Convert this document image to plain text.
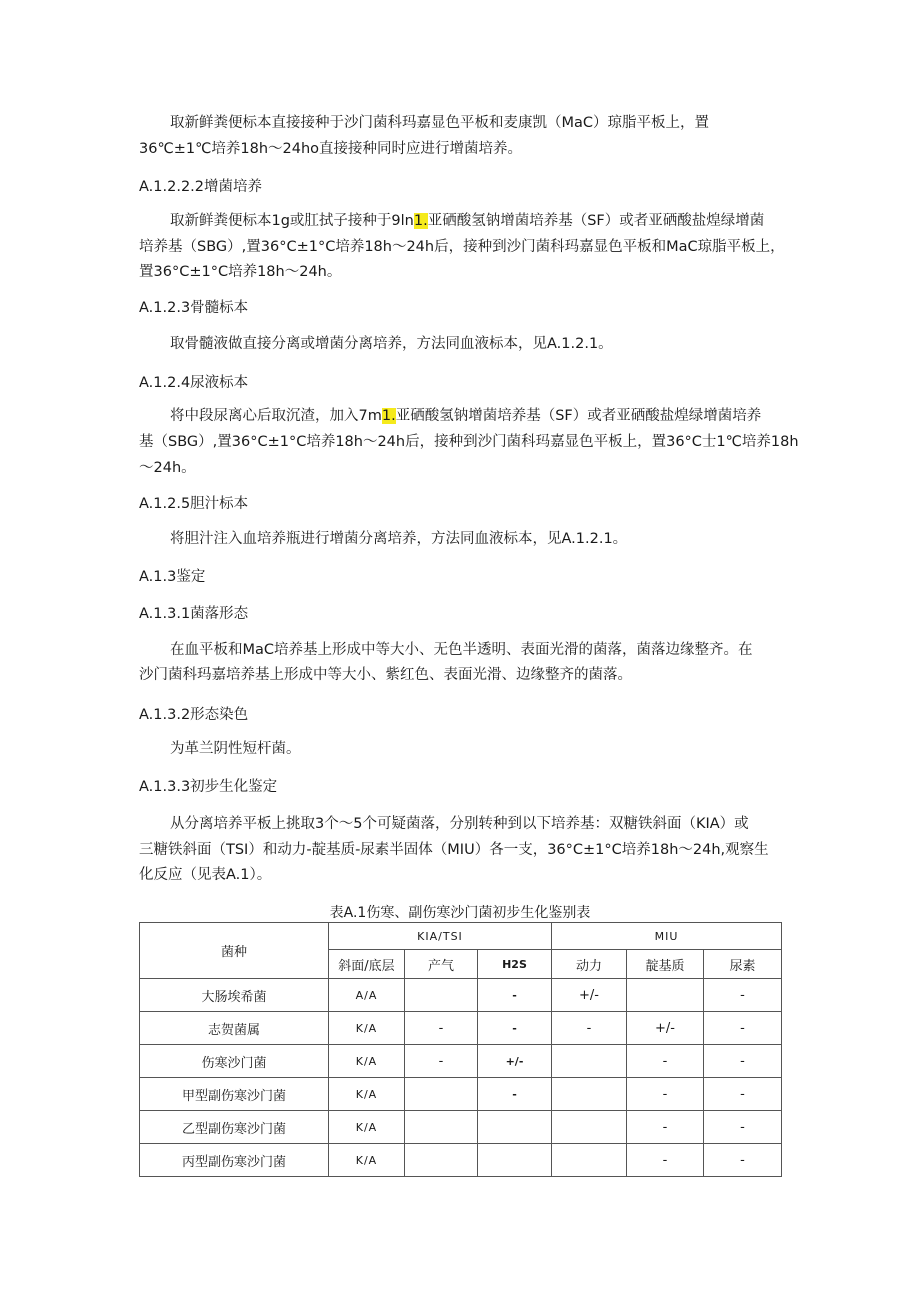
取新鲜粪便标本直接接种于沙门菌科玛嘉显色平板和麦康凯（MaC）琼脂平板上，置
36℃±1℃培养18h～24ho直接接种同时应进行增菌培养。
A.1.2.2.2增菌培养
取新鲜粪便标本1g或肛拭子接种于9ln1.亚硒酸氢钠增菌培养基（SF）或者亚硒酸盐煌绿增菌
培养基（SBG）,置36°C±1°C培养18h～24h后，接种到沙门菌科玛嘉显色平板和MaC琼脂平板上，
置36°C±1°C培养18h～24h。
A.1.2.3骨髓标本
取骨髓液做直接分离或增菌分离培养，方法同血液标本，见A.1.2.1。
A.1.2.4尿液标本
将中段尿离心后取沉渣，加入7m1.亚硒酸氢钠增菌培养基（SF）或者亚硒酸盐煌绿增菌培养
基（SBG）,置36°C±1°C培养18h～24h后，接种到沙门菌科玛嘉显色平板上，置36°C士1℃培养18h
～24h。
A.1.2.5胆汁标本
将胆汁注入血培养瓶进行增菌分离培养，方法同血液标本，见A.1.2.1。
A.1.3鉴定
A.1.3.1菌落形态
在血平板和MaC培养基上形成中等大小、无色半透明、表面光滑的菌落，菌落边缘整齐。在
沙门菌科玛嘉培养基上形成中等大小、紫红色、表面光滑、边缘整齐的菌落。
A.1.3.2形态染色
为革兰阴性短杆菌。
A.1.3.3初步生化鉴定
从分离培养平板上挑取3个～5个可疑菌落，分别转种到以下培养基：双糖铁斜面（KIA）或
三糖铁斜面（TSI）和动力-靛基质-尿素半固体（MIU）各一支，36°C±1°C培养18h～24h,观察生
化反应（见表A.1）。
表A.1伤寒、副伤寒沙门菌初步生化鉴别表
菌种	KIA/TSI			MIU		
	斜面/底层	产气	H2S	动力	靛基质	尿素
大肠埃希菌	A/A		-	+/-		-
志贺菌属	K/A	-	-	-	+/-	-
伤寒沙门菌	K/A	-	+/-		-	-
甲型副伤寒沙门菌	K/A		-		-	-
乙型副伤寒沙门菌	K/A				-	-
丙型副伤寒沙门菌	K/A				-	-
